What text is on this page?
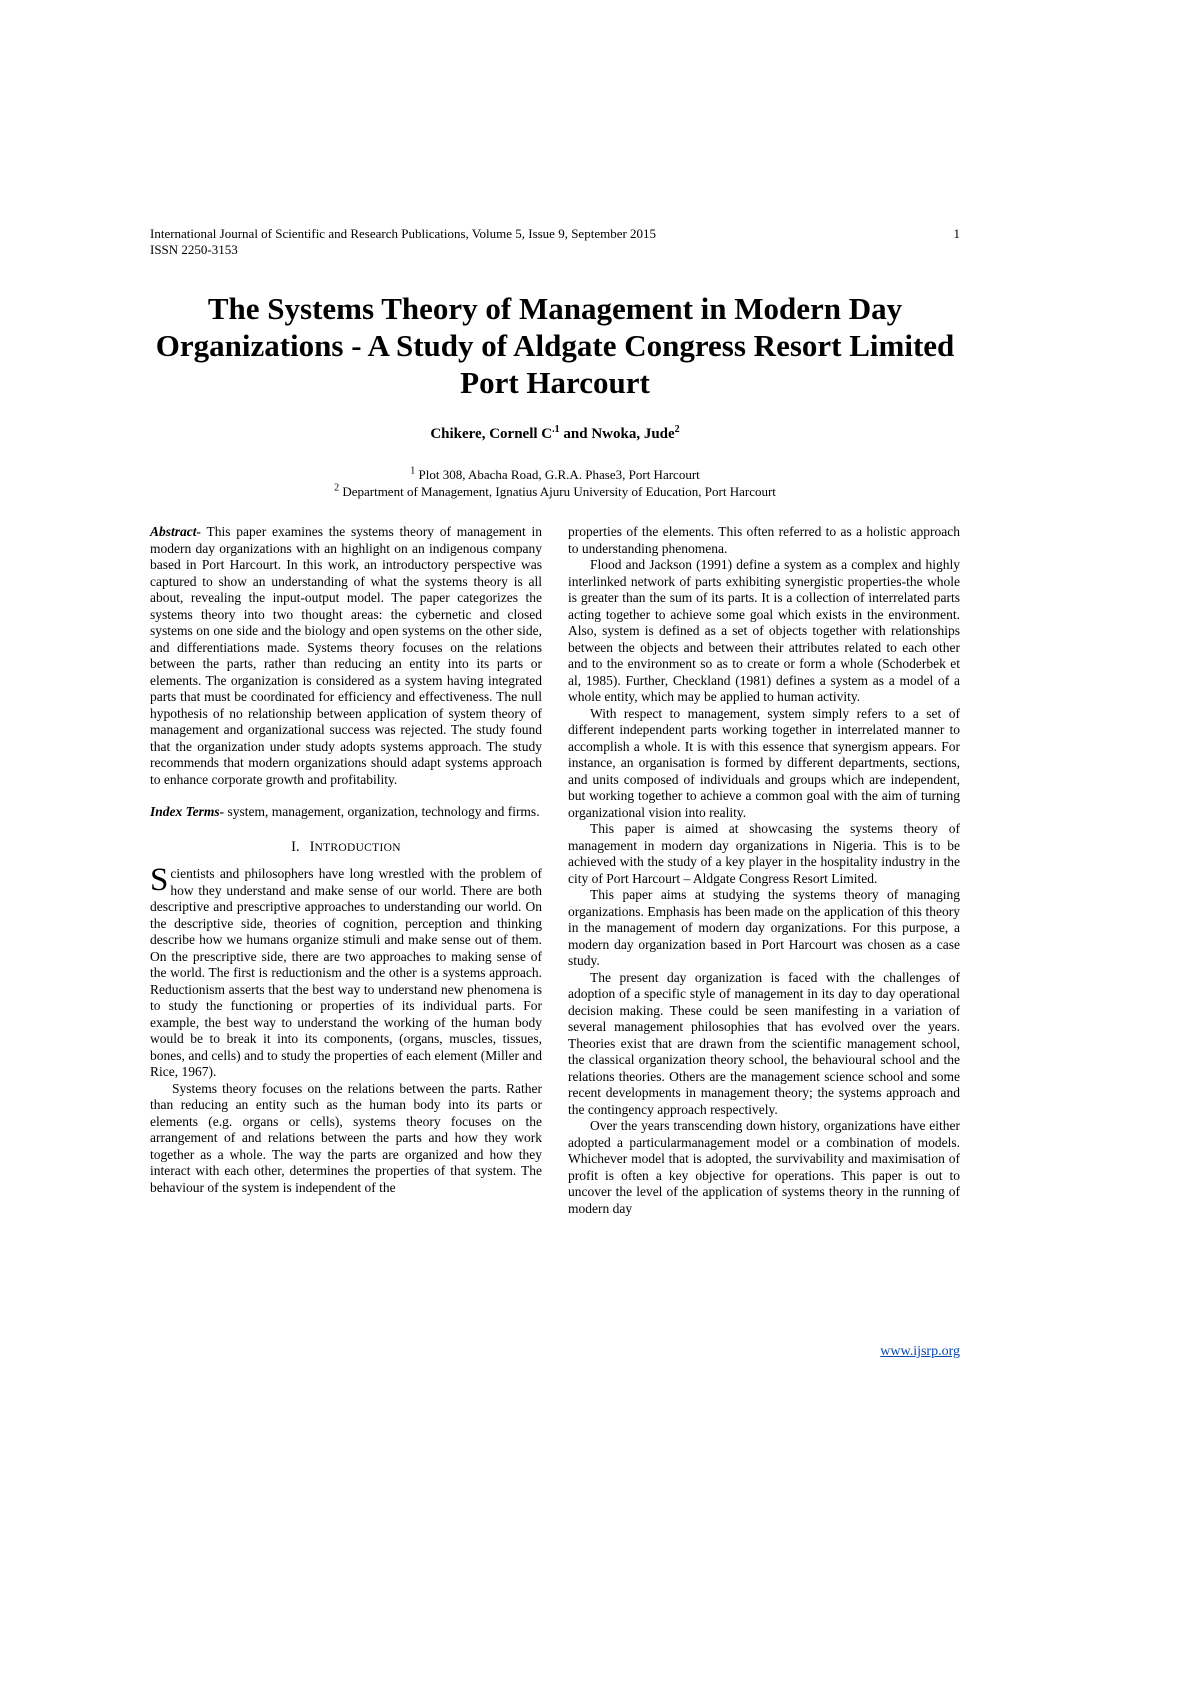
International Journal of Scientific and Research Publications, Volume 5, Issue 9, September 2015	1
ISSN 2250-3153
The Systems Theory of Management in Modern Day Organizations - A Study of Aldgate Congress Resort Limited Port Harcourt
Chikere, Cornell $C^{.1}$ and Nwoka, Jude$^2$
$^1$ Plot 308, Abacha Road, G.R.A. Phase3, Port Harcourt
$^2$ Department of Management, Ignatius Ajuru University of Education, Port Harcourt

Abstract- This paper examines the systems theory of management in modern day organizations with an highlight on an indigenous company based in Port Harcourt. In this work, an introductory perspective was captured to show an understanding of what the systems theory is all about, revealing the input-output model. The paper categorizes the systems theory into two thought areas: the cybernetic and closed systems on one side and the biology and open systems on the other side, and differentiations made. Systems theory focuses on the relations between the parts, rather than reducing an entity into its parts or elements. The organization is considered as a system having integrated parts that must be coordinated for efficiency and effectiveness. The null hypothesis of no relationship between application of system theory of management and organizational success was rejected. The study found that the organization under study adopts systems approach. The study recommends that modern organizations should adapt systems approach to enhance corporate growth and profitability.

Index Terms- system, management, organization, technology and firms.

I. INTRODUCTION

Scientists and philosophers have long wrestled with the problem of how they understand and make sense of our world. There are both descriptive and prescriptive approaches to understanding our world. On the descriptive side, theories of cognition, perception and thinking describe how we humans organize stimuli and make sense out of them. On the prescriptive side, there are two approaches to making sense of the world. The first is reductionism and the other is a systems approach. Reductionism asserts that the best way to understand new phenomena is to study the functioning or properties of its individual parts. For example, the best way to understand the working of the human body would be to break it into its components, (organs, muscles, tissues, bones, and cells) and to study the properties of each element (Miller and Rice, 1967).

Systems theory focuses on the relations between the parts. Rather than reducing an entity such as the human body into its parts or elements (e.g. organs or cells), systems theory focuses on the arrangement of and relations between the parts and how they work together as a whole. The way the parts are organized and how they interact with each other, determines the properties of that system. The behaviour of the system is independent of the

properties of the elements. This often referred to as a holistic approach to understanding phenomena.

Flood and Jackson (1991) define a system as a complex and highly interlinked network of parts exhibiting synergistic properties-the whole is greater than the sum of its parts. It is a collection of interrelated parts acting together to achieve some goal which exists in the environment. Also, system is defined as a set of objects together with relationships between the objects and between their attributes related to each other and to the environment so as to create or form a whole (Schoderbek et al, 1985). Further, Checkland (1981) defines a system as a model of a whole entity, which may be applied to human activity.

With respect to management, system simply refers to a set of different independent parts working together in interrelated manner to accomplish a whole. It is with this essence that synergism appears. For instance, an organisation is formed by different departments, sections, and units composed of individuals and groups which are independent, but working together to achieve a common goal with the aim of turning organizational vision into reality.

This paper is aimed at showcasing the systems theory of management in modern day organizations in Nigeria. This is to be achieved with the study of a key player in the hospitality industry in the city of Port Harcourt – Aldgate Congress Resort Limited.

This paper aims at studying the systems theory of managing organizations. Emphasis has been made on the application of this theory in the management of modern day organizations. For this purpose, a modern day organization based in Port Harcourt was chosen as a case study.

The present day organization is faced with the challenges of adoption of a specific style of management in its day to day operational decision making. These could be seen manifesting in a variation of several management philosophies that has evolved over the years. Theories exist that are drawn from the scientific management school, the classical organization theory school, the behavioural school and the relations theories. Others are the management science school and some recent developments in management theory; the systems approach and the contingency approach respectively.

Over the years transcending down history, organizations have either adopted a particularmanagement model or a combination of models. Whichever model that is adopted, the survivability and maximisation of profit is often a key objective for operations. This paper is out to uncover the level of the application of systems theory in the running of modern day

www.ijsrp.org
